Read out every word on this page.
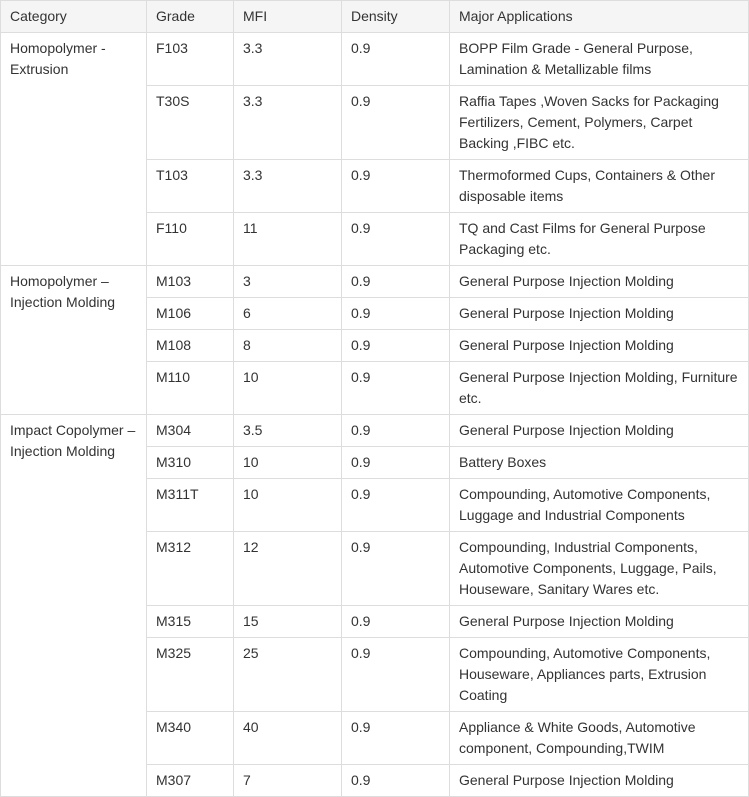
Category	Grade	MFI	Density	Major Applications
Homopolymer - Extrusion	F103	3.3	0.9	BOPP Film Grade - General Purpose, Lamination & Metallizable films
	T30S	3.3	0.9	Raffia Tapes ,Woven Sacks for Packaging Fertilizers, Cement, Polymers, Carpet Backing ,FIBC etc.
	T103	3.3	0.9	Thermoformed Cups, Containers & Other disposable items
	F110	11	0.9	TQ and Cast Films for General Purpose Packaging etc.
Homopolymer – Injection Molding	M103	3	0.9	General Purpose Injection Molding
	M106	6	0.9	General Purpose Injection Molding
	M108	8	0.9	General Purpose Injection Molding
	M110	10	0.9	General Purpose Injection Molding, Furniture etc.
Impact Copolymer – Injection Molding	M304	3.5	0.9	General Purpose Injection Molding
	M310	10	0.9	Battery Boxes
	M311T	10	0.9	Compounding, Automotive Components, Luggage and Industrial Components
	M312	12	0.9	Compounding, Industrial Components, Automotive Components, Luggage, Pails, Houseware, Sanitary Wares etc.
	M315	15	0.9	General Purpose Injection Molding
	M325	25	0.9	Compounding, Automotive Components, Houseware, Appliances parts, Extrusion Coating
	M340	40	0.9	Appliance & White Goods, Automotive component, Compounding,TWIM
	M307	7	0.9	General Purpose Injection Molding
